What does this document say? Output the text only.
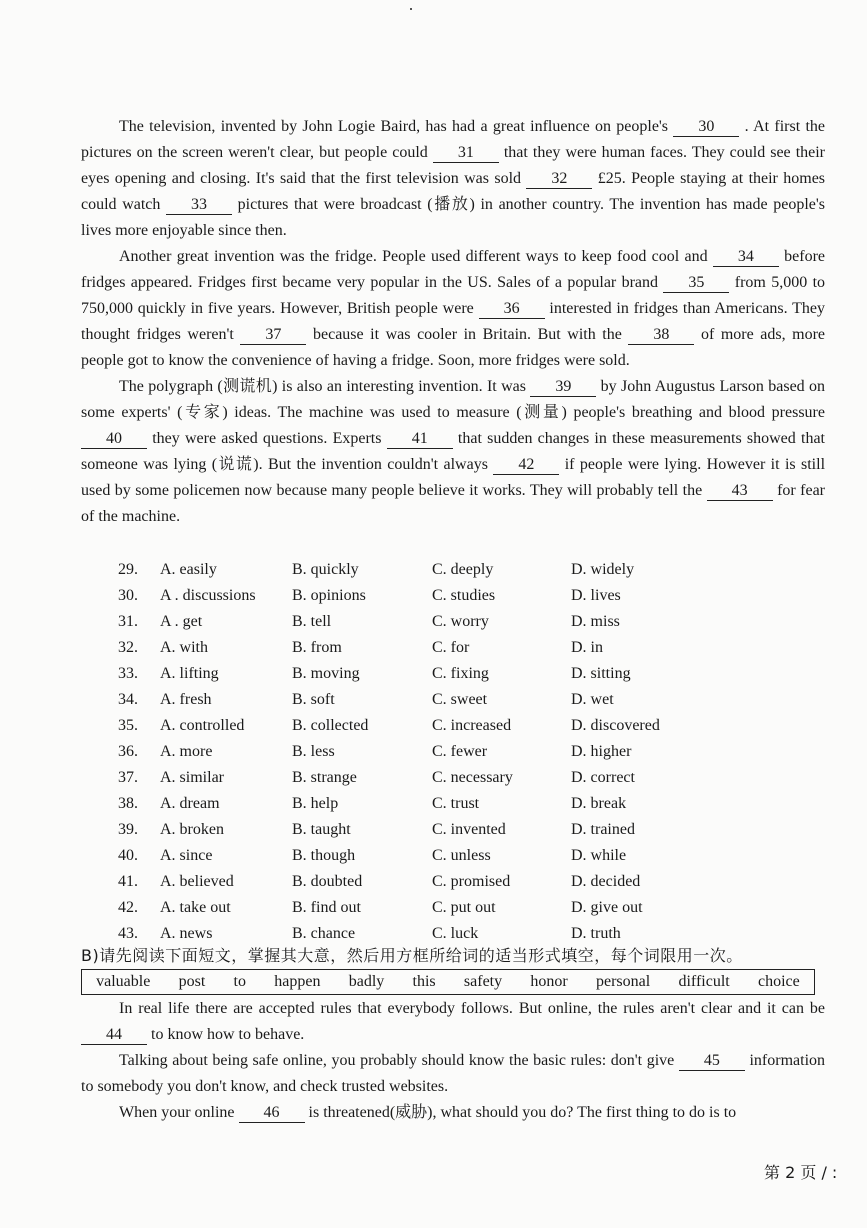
The television, invented by John Logie Baird, has had a great influence on people's 30 . At first the pictures on the screen weren't clear, but people could 31 that they were human faces. They could see their eyes opening and closing. It's said that the first television was sold 32 £25. People staying at their homes could watch 33 pictures that were broadcast (播放) in another country. The invention has made people's lives more enjoyable since then.

Another great invention was the fridge. People used different ways to keep food cool and 34 before fridges appeared. Fridges first became very popular in the US. Sales of a popular brand 35 from 5,000 to 750,000 quickly in five years. However, British people were 36 interested in fridges than Americans. They thought fridges weren't 37 because it was cooler in Britain. But with the 38 of more ads, more people got to know the convenience of having a fridge. Soon, more fridges were sold.

The polygraph (测谎机) is also an interesting invention. It was 39 by John Augustus Larson based on some experts' (专家) ideas. The machine was used to measure (测量) people's breathing and blood pressure 40 they were asked questions. Experts 41 that sudden changes in these measurements showed that someone was lying (说谎). But the invention couldn't always 42 if people were lying. However it is still used by some policemen now because many people believe it works. They will probably tell the 43 for fear of the machine.

29.	A. easily	B. quickly	C. deeply	D. widely
30.	A . discussions	B. opinions	C. studies	D. lives
31.	A . get	B. tell	C. worry	D. miss
32.	A. with	B. from	C. for	D. in
33.	A. lifting	B. moving	C. fixing	D. sitting
34.	A. fresh	B. soft	C. sweet	D. wet
35.	A. controlled	B. collected	C. increased	D. discovered
36.	A. more	B. less	C. fewer	D. higher
37.	A. similar	B. strange	C. necessary	D. correct
38.	A. dream	B. help	C. trust	D. break
39.	A. broken	B. taught	C. invented	D. trained
40.	A. since	B. though	C. unless	D. while
41.	A. believed	B. doubted	C. promised	D. decided
42.	A. take out	B. find out	C. put out	D. give out
43.	A. news	B. chance	C. luck	D. truth
B)请先阅读下面短文，掌握其大意，然后用方框所给词的适当形式填空，每个词限用一次。
valuable post to happen badly this safety honor personal difficult choice

In real life there are accepted rules that everybody follows. But online, the rules aren't clear and it can be 44 to know how to behave.

Talking about being safe online, you probably should know the basic rules: don't give 45 information to somebody you don't know, and check trusted websites.

When your online 46 is threatened(威胁), what should you do? The first thing to do is to

第 2 页 / :
